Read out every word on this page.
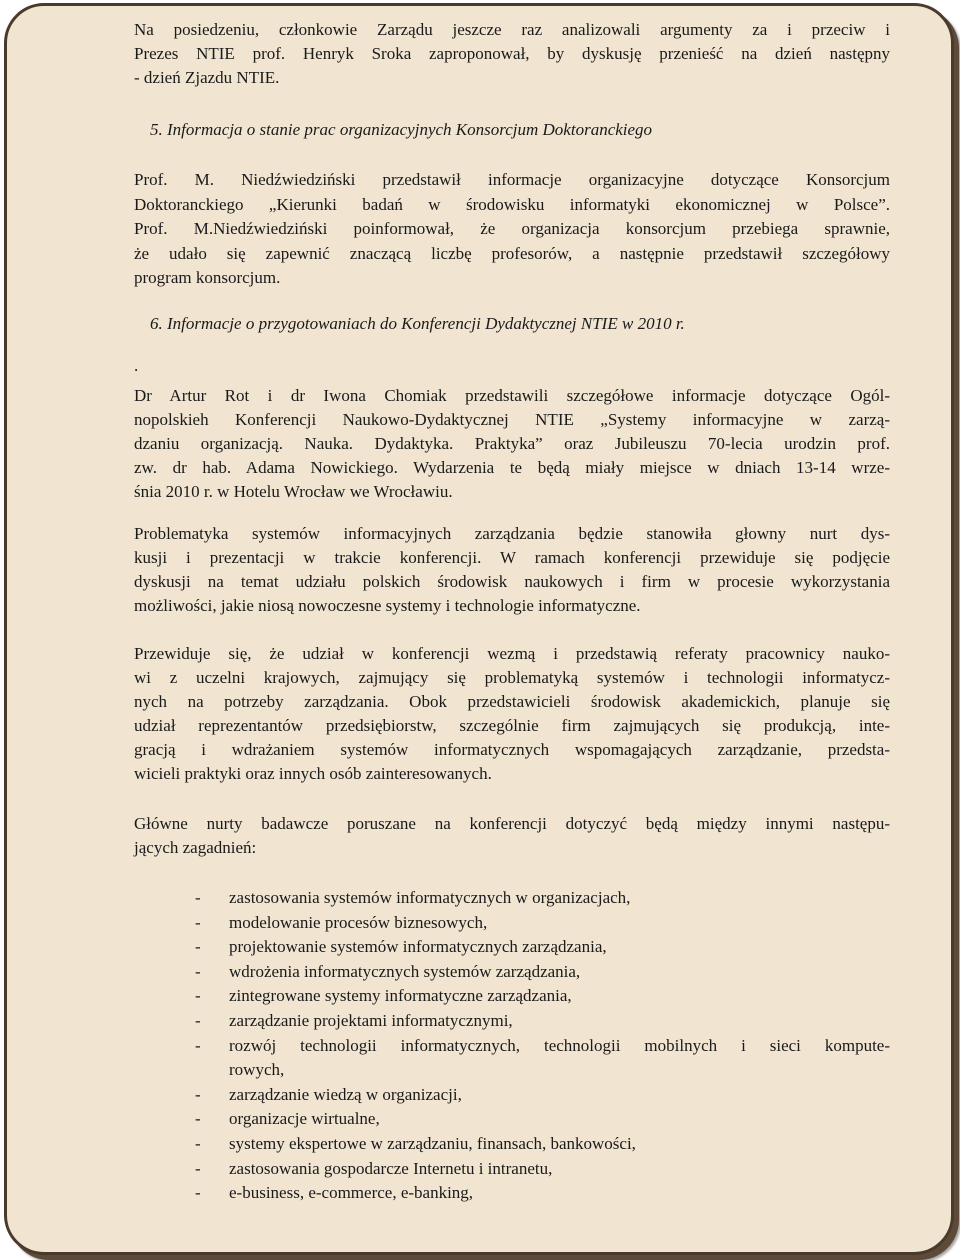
Na posiedzeniu, członkowie Zarządu jeszcze raz analizowali argumenty za i przeciw i
Prezes NTIE prof. Henryk Sroka zaproponował, by dyskusję przenieść na dzień następny
- dzień Zjazdu NTIE.

5. Informacja o stanie prac organizacyjnych Konsorcjum Doktoranckiego

Prof. M. Niedźwiedziński przedstawił informacje organizacyjne dotyczące Konsorcjum
Doktoranckiego „Kierunki badań w środowisku informatyki ekonomicznej w Polsce”.
Prof. M.Niedźwiedziński poinformował, że organizacja konsorcjum przebiega sprawnie,
że udało się zapewnić znaczącą liczbę profesorów, a następnie przedstawił szczegółowy
program konsorcjum.

6. Informacje o przygotowaniach do Konferencji Dydaktycznej NTIE w 2010 r.

.

Dr Artur Rot i dr Iwona Chomiak przedstawili szczegółowe informacje dotyczące Ogól-
nopolskieh Konferencji Naukowo-Dydaktycznej NTIE „Systemy informacyjne w zarzą-
dzaniu organizacją. Nauka. Dydaktyka. Praktyka” oraz Jubileuszu 70-lecia urodzin prof.
zw. dr hab. Adama Nowickiego. Wydarzenia te będą miały miejsce w dniach 13-14 wrze-
śnia 2010 r. w Hotelu Wrocław we Wrocławiu.

Problematyka systemów informacyjnych zarządzania będzie stanowiła głowny nurt dys-
kusji i prezentacji w trakcie konferencji. W ramach konferencji przewiduje się podjęcie
dyskusji na temat udziału polskich środowisk naukowych i firm w procesie wykorzystania
możliwości, jakie niosą nowoczesne systemy i technologie informatyczne.

Przewiduje się, że udział w konferencji wezmą i przedstawią referaty pracownicy nauko-
wi z uczelni krajowych, zajmujący się problematyką systemów i technologii informatycz-
nych na potrzeby zarządzania. Obok przedstawicieli środowisk akademickich, planuje się
udział reprezentantów przedsiębiorstw, szczególnie firm zajmujących się produkcją, inte-
gracją i wdrażaniem systemów informatycznych wspomagających zarządzanie, przedsta-
wicieli praktyki oraz innych osób zainteresowanych.

Główne nurty badawcze poruszane na konferencji dotyczyć będą między innymi następu-
jących zagadnień:

-	zastosowania systemów informatycznych w organizacjach,
-	modelowanie procesów biznesowych,
-	projektowanie systemów informatycznych zarządzania,
-	wdrożenia informatycznych systemów zarządzania,
-	zintegrowane systemy informatyczne zarządzania,
-	zarządzanie projektami informatycznymi,
-	rozwój technologii informatycznych, technologii mobilnych i sieci kompute-
rowych,
-	zarządzanie wiedzą w organizacji,
-	organizacje wirtualne,
-	systemy ekspertowe w zarządzaniu, finansach, bankowości,
-	zastosowania gospodarcze Internetu i intranetu,
-	e-business, e-commerce, e-banking,
